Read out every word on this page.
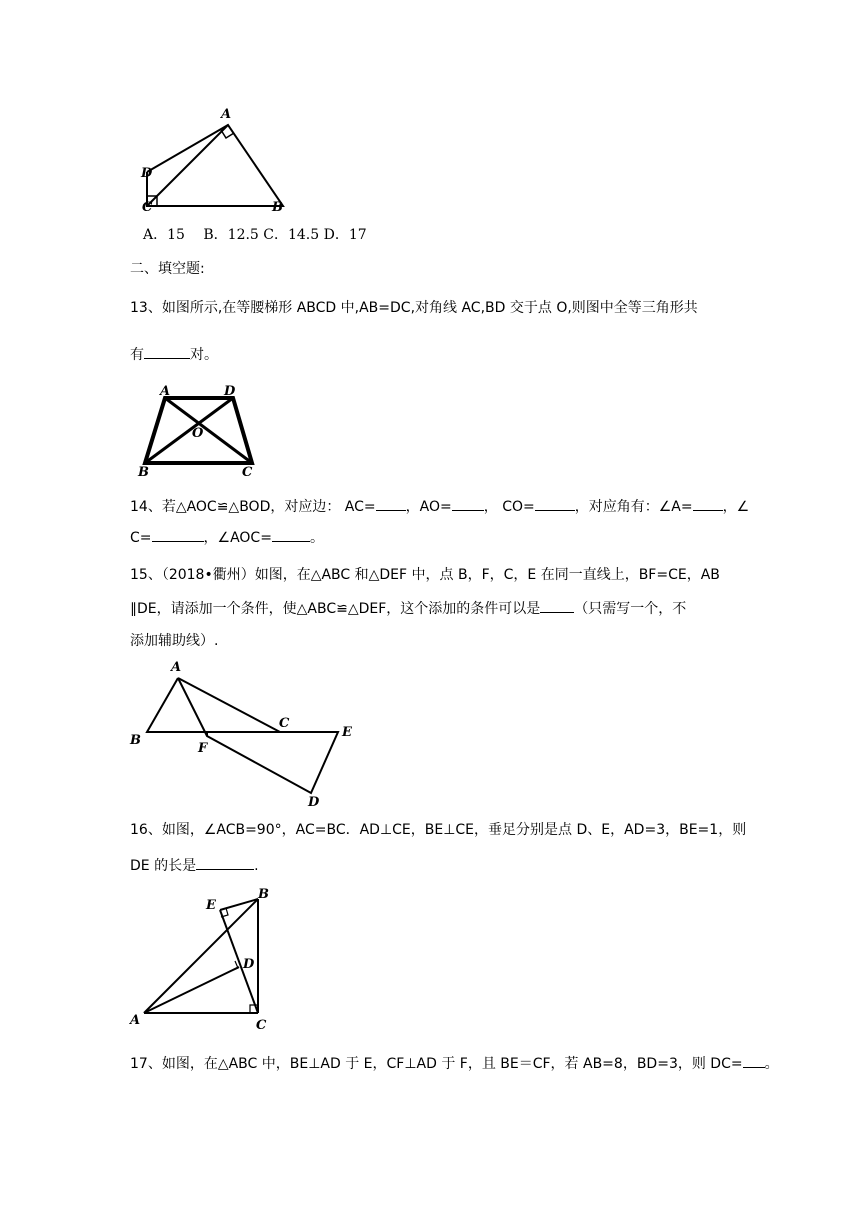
A
D
C	B
A．15　 B．12.5 C．14.5 D．17
二、填空题:
13、如图所示,在等腰梯形 ABCD 中,AB=DC,对角线 AC,BD 交于点 O,则图中全等三角形共
有	对。
A	D
O
B	C
14、若△AOC≌△BOD，对应边： AC= ，AO= ， CO=	，对应角有：∠A= ，∠
C=	，∠AOC=	。
15、（2018•衢州）如图，在△ABC 和△DEF 中，点 B，F，C，E 在同一直线上，BF=CE，AB
∥DE，请添加一个条件，使△ABC≌△DEF，这个添加的条件可以是 （只需写一个，不
添加辅助线）.
A
B
C
E
F
D
16、如图，∠ACB=90°，AC=BC．AD⊥CE，BE⊥CE，垂足分别是点 D、E，AD=3，BE=1，则
DE 的长是	.
B
E
D
A	C
17、如图，在△ABC 中，BE⊥AD 于 E，CF⊥AD 于 F，且 BE＝CF，若 AB=8，BD=3，则 DC= 。
